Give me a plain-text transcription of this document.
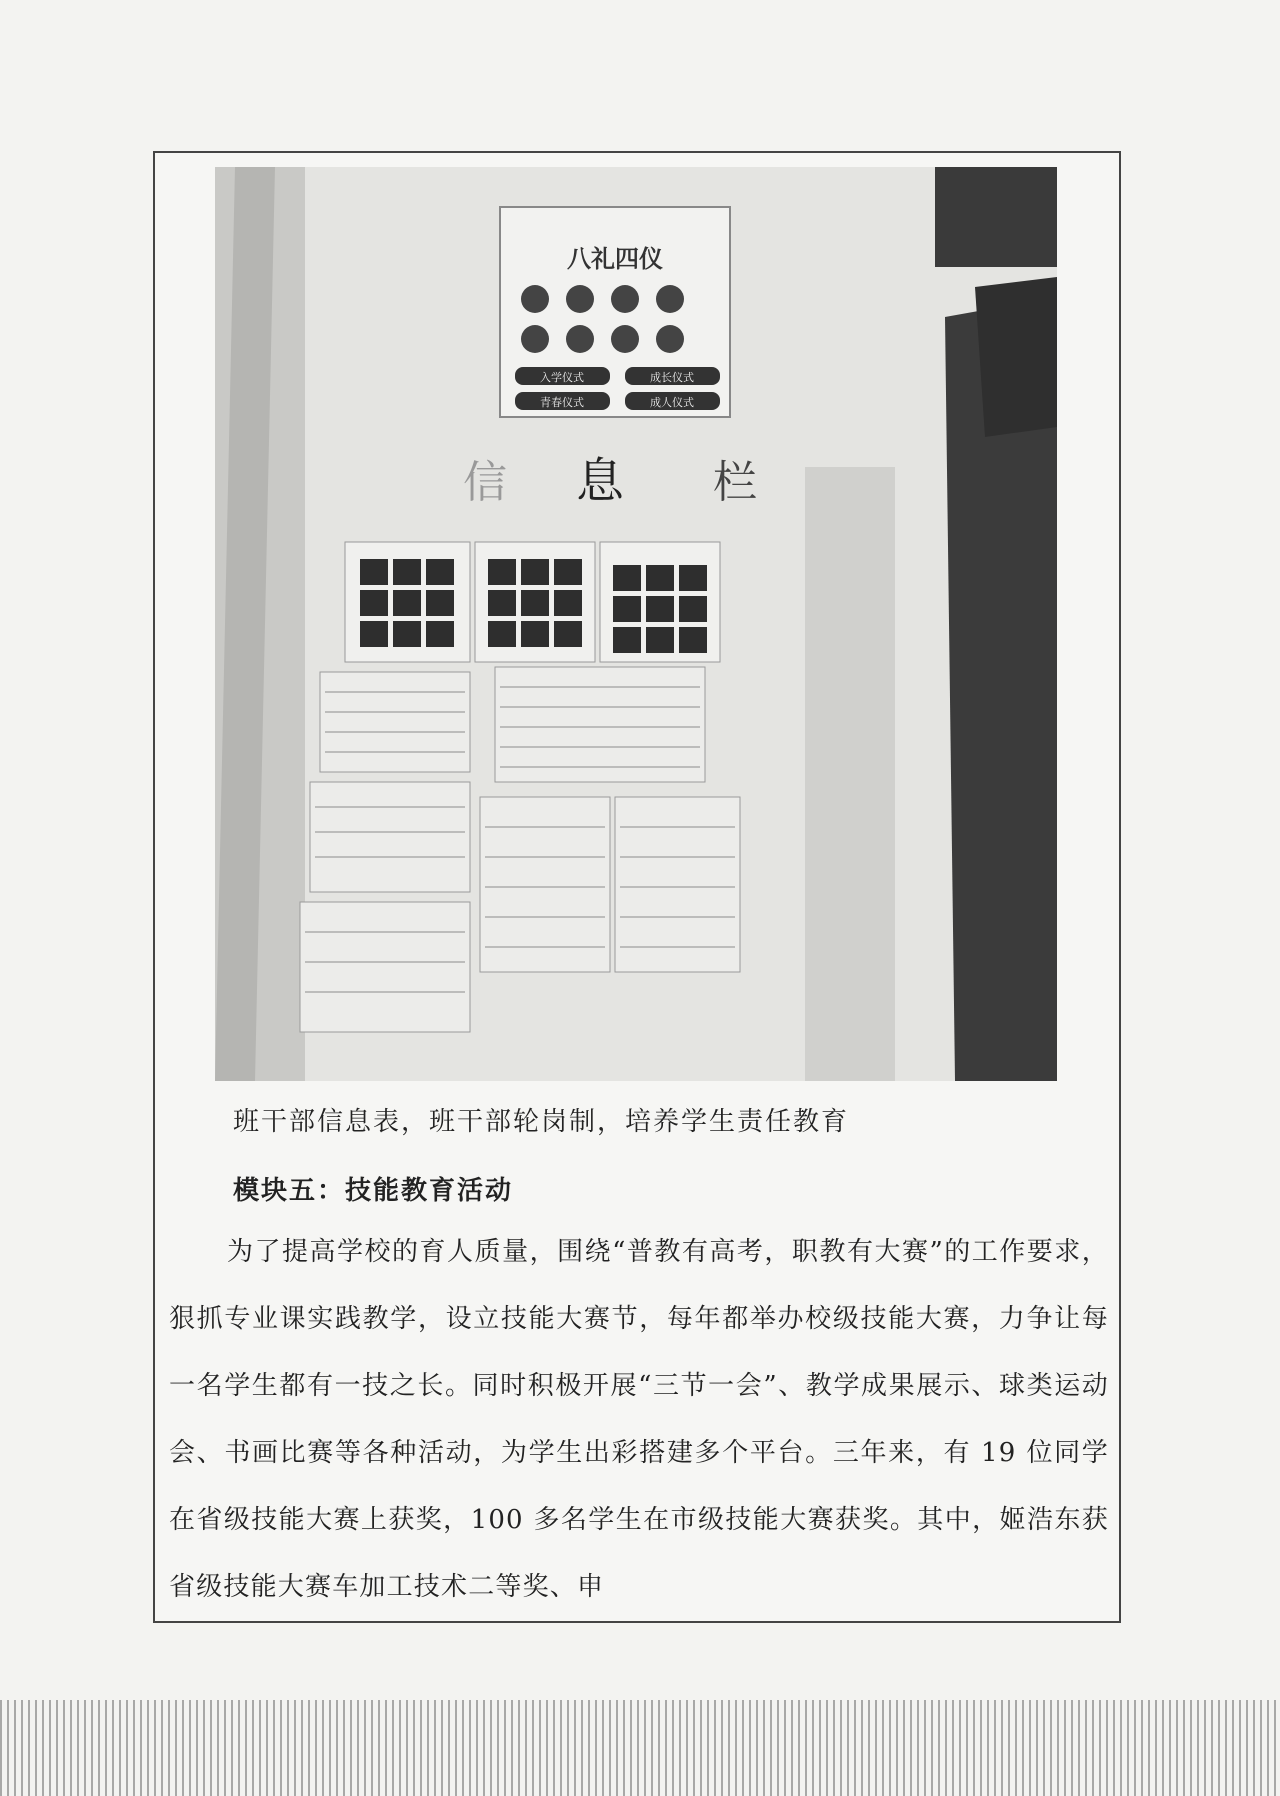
八礼四仪
入学仪式	成长仪式
青春仪式	成人仪式
信 息 栏
班干部信息表，班干部轮岗制，培养学生责任教育
模块五：技能教育活动

为了提高学校的育人质量，围绕“普教有高考，职教有大赛”的工作要求，狠抓专业课实践教学，设立技能大赛节，每年都举办校级技能大赛，力争让每一名学生都有一技之长。同时积极开展“三节一会”、教学成果展示、球类运动会、书画比赛等各种活动，为学生出彩搭建多个平台。三年来，有 19 位同学在省级技能大赛上获奖，100 多名学生在市级技能大赛获奖。其中，姬浩东获省级技能大赛车加工技术二等奖、申
